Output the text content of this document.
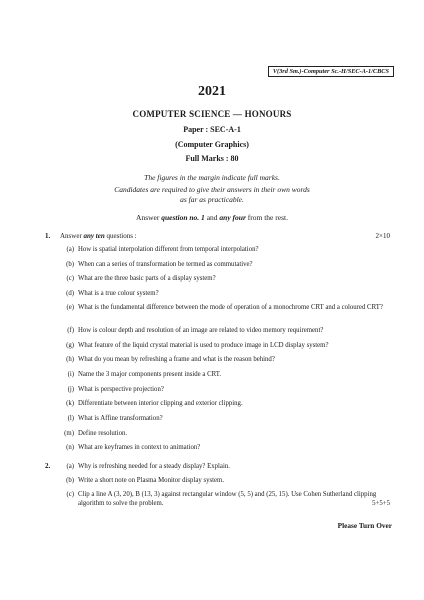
V(3rd Sm.)-Computer Sc.-H/SEC-A-1/CBCS
2021
COMPUTER SCIENCE — HONOURS
Paper : SEC-A-1
(Computer Graphics)
Full Marks : 80
The figures in the margin indicate full marks.
Candidates are required to give their answers in their own words
as far as practicable.
Answer question no. 1 and any four from the rest.
1. Answer any ten questions :	2×10
(a) How is spatial interpolation different from temporal interpolation?
(b) When can a series of transformation be termed as commutative?
(c) What are the three basic parts of a display system?
(d) What is a true colour system?
(e) What is the fundamental difference between the mode of operation of a monochrome CRT and a coloured CRT?
(f) How is colour depth and resolution of an image are related to video memory requirement?
(g) What feature of the liquid crystal material is used to produce image in LCD display system?
(h) What do you mean by refreshing a frame and what is the reason behind?
(i) Name the 3 major components present inside a CRT.
(j) What is perspective projection?
(k) Differentiate between interior clipping and exterior clipping.
(l) What is Affine transformation?
(m) Define resolution.
(n) What are keyframes in context to animation?
2.	(a) Why is refreshing needed for a steady display? Explain.
(b) Write a short note on Plasma Monitor display system.
(c) Clip a line A (3, 20), B (13, 3) against rectangular window (5, 5) and (25, 15). Use Cohen Sutherland clipping algorithm to solve the problem.	5+5+5
Please Turn Over
